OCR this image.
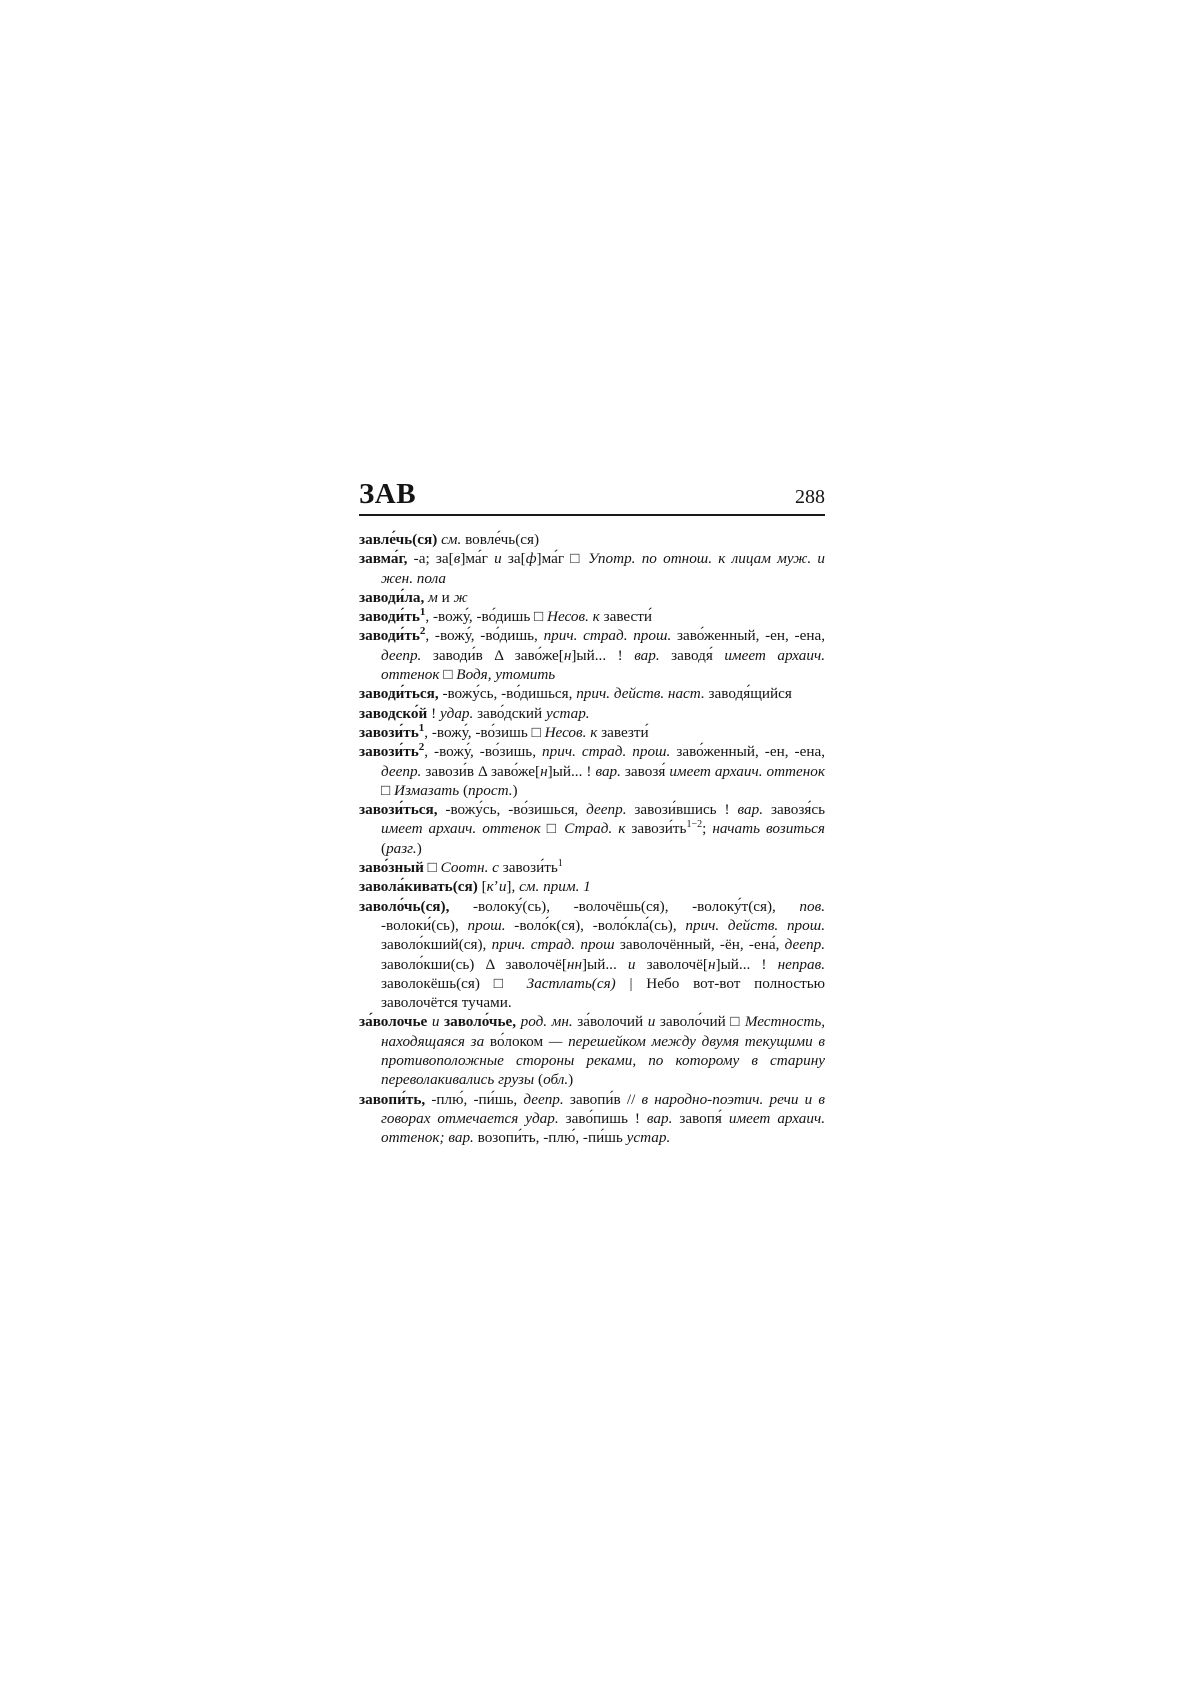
ЗАВ	288

завле́чь(ся) см. вовле́чь(ся)

завма́г, -а; за[в]ма́г и за[ф]ма́г □ Употр. по отнош. к лицам муж. и жен. пола

заводи́ла, м и ж

$заводи́ть^1$, -вожу́, -во́дишь □ Несов. к завести́

$заводи́ть^2$, -вожу́, -во́дишь, прич. страд. прош. заво́женный, -ен, -ена, деепр. заводи́в Δ заво́же[н]ый... ! вар. заводя́ имеет архаич. оттенок □ Водя, утомить

заводи́ться, -вожу́сь, -во́дишься, прич. действ. наст. заводя́щийся

заводско́й ! удар. заво́дский устар.

$завози́ть^1$, -вожу́, -во́зишь □ Несов. к завезти́

$завози́ть^2$, -вожу́, -во́зишь, прич. страд. прош. заво́женный, -ен, -ена, деепр. завози́в Δ заво́же[н]ый... ! вар. завозя́ имеет архаич. оттенок □ Измазать (прост.)

завози́ться, -вожу́сь, -во́зишься, деепр. завози́вшись ! вар. завозя́сь имеет архаич. оттенок □ Страд. к $завози́ть^{1-2}$; начать возиться (разг.)

заво́зный □ Соотн. с $завози́ть^1$

завола́кивать(ся) [кʼи], см. прим. 1

заволо́чь(ся), -волоку́(сь), -волочёшь(ся), -волоку́т(ся), пов. -волоки́(сь), прош. -воло́к(ся), -воло́кла́(сь), прич. действ. прош. заволо́кший(ся), прич. страд. прош заволочённый, -ён, -ена́, деепр. заволо́кши(сь) Δ заволочё[нн]ый... и заволочё[н]ый... ! неправ. заволокёшь(ся) □ Застлать(ся) | Небо вот-вот полностью заволочётся тучами.

за́волочье и заволо́чье, род. мн. за́волочий и заволо́чий □ Местность, находящаяся за во́локом — перешейком между двумя текущими в противоположные стороны реками, по которому в старину переволакивались грузы (обл.)

завопи́ть, -плю́, -пи́шь, деепр. завопи́в // в народно-поэтич. речи и в говорах отмечается удар. заво́пишь ! вар. завопя́ имеет архаич. оттенок; вар. возопи́ть, -плю́, -пи́шь устар.
